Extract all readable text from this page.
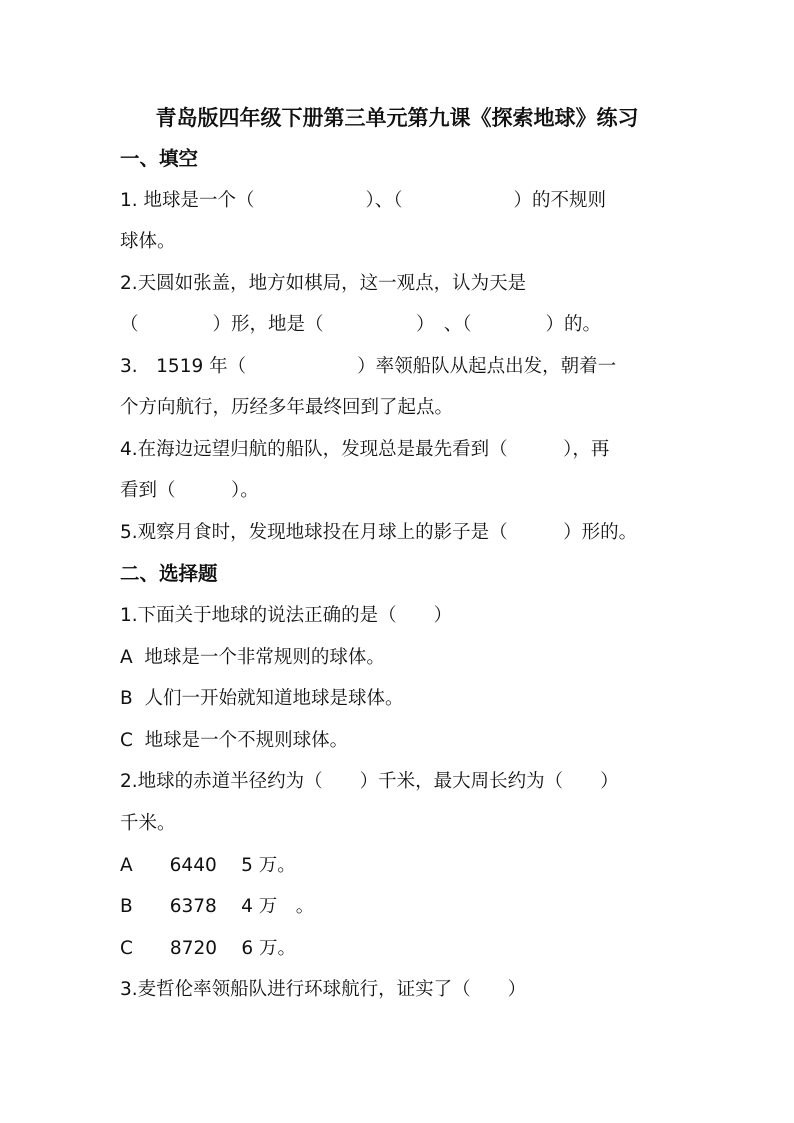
青岛版四年级下册第三单元第九课《探索地球》练习
一、填空
1. 地球是一个（　　　　　　）、（　　　　　　）的不规则
球体。
2.天圆如张盖，地方如棋局，这一观点，认为天是
（　　　　）形，地是（　　　　　）　、（　　　　）的。
3.　1519 年（　　　　　　）率领船队从起点出发，朝着一
个方向航行，历经多年最终回到了起点。
4.在海边远望归航的船队，发现总是最先看到（　　　），再
看到（　　　）。
5.观察月食时，发现地球投在月球上的影子是（　　　）形的。
二、选择题
1.下面关于地球的说法正确的是（　　）
A  地球是一个非常规则的球体。
B  人们一开始就知道地球是球体。
C  地球是一个不规则球体。
2.地球的赤道半径约为（　　）千米，最大周长约为（　　）
千米。
A　　6440　 5 万。
B　　6378　 4 万　。
C　　8720　 6 万。
3.麦哲伦率领船队进行环球航行，证实了（　　）
